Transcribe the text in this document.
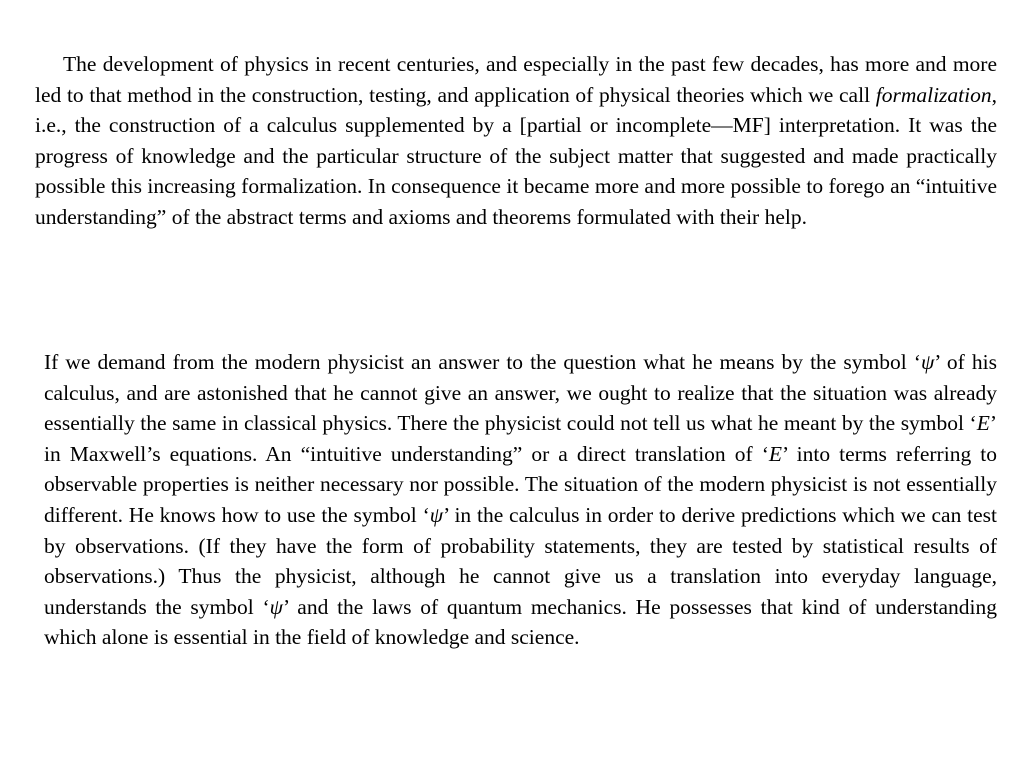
The development of physics in recent centuries, and especially in the past few decades, has more and more led to that method in the construction, testing, and application of physical theories which we call formalization, i.e., the construction of a calculus supplemented by a [partial or incomplete—MF] interpretation. It was the progress of knowledge and the particular structure of the subject matter that suggested and made practically possible this increasing formalization. In consequence it became more and more possible to forego an “intuitive understanding” of the abstract terms and axioms and theorems formulated with their help.

If we demand from the modern physicist an answer to the question what he means by the symbol ‘ψ’ of his calculus, and are astonished that he cannot give an answer, we ought to realize that the situation was already essentially the same in classical physics. There the physicist could not tell us what he meant by the symbol ‘E’ in Maxwell’s equations. An “intuitive understanding” or a direct translation of ‘E’ into terms referring to observable properties is neither necessary nor possible. The situation of the modern physicist is not essentially different. He knows how to use the symbol ‘ψ’ in the calculus in order to derive predictions which we can test by observations. (If they have the form of probability statements, they are tested by statistical results of observations.) Thus the physicist, although he cannot give us a translation into everyday language, understands the symbol ‘ψ’ and the laws of quantum mechanics. He possesses that kind of understanding which alone is essential in the field of knowledge and science.
